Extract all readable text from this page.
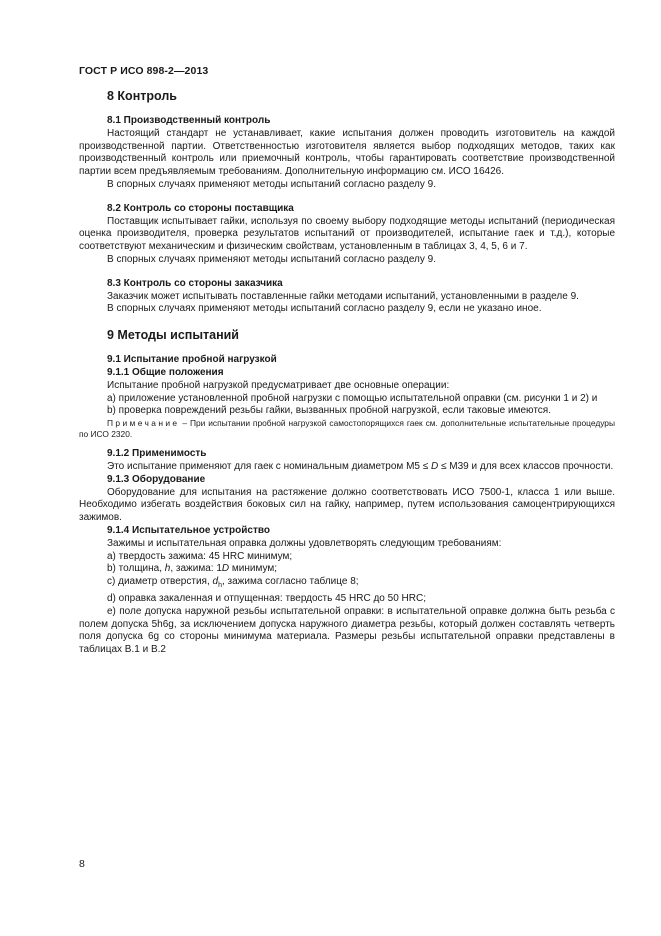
ГОСТ Р ИСО 898-2—2013

8 Контроль

8.1 Производственный контроль

Настоящий стандарт не устанавливает, какие испытания должен проводить изготовитель на каждой производственной партии. Ответственностью изготовителя является выбор подходящих методов, таких как производственный контроль или приемочный контроль, чтобы гарантировать соответствие производственной партии всем предъявляемым требованиям. Дополнительную информацию см. ИСО 16426.

В спорных случаях применяют методы испытаний согласно разделу 9.

8.2 Контроль со стороны поставщика

Поставщик испытывает гайки, используя по своему выбору подходящие методы испытаний (периодическая оценка производителя, проверка результатов испытаний от производителей, испытание гаек и т.д.), которые соответствуют механическим и физическим свойствам, установленным в таблицах 3, 4, 5, 6 и 7.

В спорных случаях применяют методы испытаний согласно разделу 9.

8.3 Контроль со стороны заказчика

Заказчик может испытывать поставленные гайки методами испытаний, установленными в разделе 9.

В спорных случаях применяют методы испытаний согласно разделу 9, если не указано иное.

9 Методы испытаний

9.1 Испытание пробной нагрузкой

9.1.1 Общие положения

Испытание пробной нагрузкой предусматривает две основные операции:

а) приложение установленной пробной нагрузки с помощью испытательной оправки (см. рисунки 1 и 2) и

b) проверка повреждений резьбы гайки, вызванных пробной нагрузкой, если таковые имеются.

Примечание – При испытании пробной нагрузкой самостопорящихся гаек см. дополнительные испытательные процедуры по ИСО 2320.

9.1.2 Применимость

Это испытание применяют для гаек с номинальным диаметром М5 ≤ D ≤ М39 и для всех классов прочности.

9.1.3 Оборудование

Оборудование для испытания на растяжение должно соответствовать ИСО 7500-1, класса 1 или выше. Необходимо избегать воздействия боковых сил на гайку, например, путем использования самоцентрирующихся зажимов.

9.1.4 Испытательное устройство

Зажимы и испытательная оправка должны удовлетворять следующим требованиям:

а) твердость зажима: 45 HRC минимум;

b) толщина, h, зажима: 1D минимум;

с) диаметр отверстия, $d_h$, зажима согласно таблице 8;

d) оправка закаленная и отпущенная: твердость 45 HRC до 50 HRC;

е) поле допуска наружной резьбы испытательной оправки: в испытательной оправке должна быть резьба с полем допуска 5h6g, за исключением допуска наружного диаметра резьбы, который должен составлять четверть поля допуска 6g со стороны минимума материала. Размеры резьбы испытательной оправки представлены в таблицах В.1 и В.2

8
